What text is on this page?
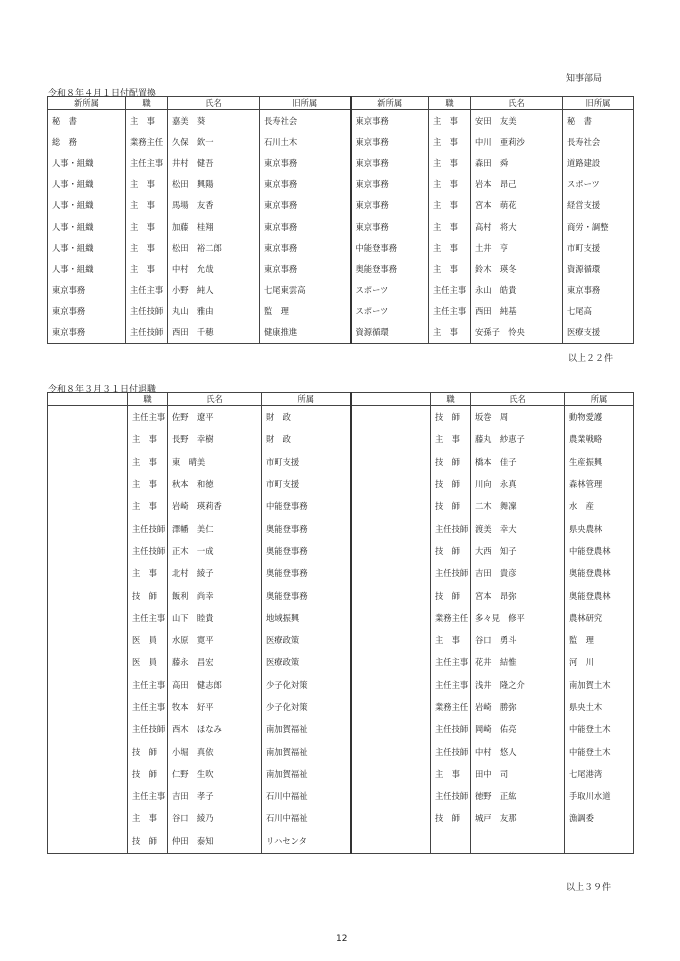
知事部局
令和８年４月１日付配置換
新所属	職	氏名	旧所属	新所属	職	氏名	旧所属
秘　書	主　事	嘉美　葵	長寿社会	東京事務	主　事	安田　友美	秘　書
総　務	業務主任	久保　欽一	石川土木	東京事務	主　事	中川　亜莉沙	長寿社会
人事・組織	主任主事	井村　健吾	東京事務	東京事務	主　事	森田　舜	道路建設
人事・組織	主　事	松田　興陽	東京事務	東京事務	主　事	岩本　昂己	スポーツ
人事・組織	主　事	馬場　友香	東京事務	東京事務	主　事	宮本　萌花	経営支援
人事・組織	主　事	加藤　桂翔	東京事務	東京事務	主　事	高村　将大	商労・調整
人事・組織	主　事	松田　裕二郎	東京事務	中能登事務	主　事	土井　亨	市町支援
人事・組織	主　事	中村　允哉	東京事務	奥能登事務	主　事	鈴木　瑛冬	資源循環
東京事務	主任主事	小野　純人	七尾東雲高	スポーツ	主任主事	永山　皓貴	東京事務
東京事務	主任技師	丸山　雅由	監　理	スポーツ	主任主事	西田　純基	七尾高
東京事務	主任技師	西田　千穂	健康推進	資源循環	主　事	安孫子　怜央	医療支援
以上２２件
令和８年３月３１日付退職
	職	氏名	所属		職	氏名	所属
	主任主事	佐野　遼平	財　政		技　師	坂巻　周	動物愛護
	主　事	長野　幸樹	財　政		主　事	藤丸　紗恵子	農業戦略
	主　事	東　晴美	市町支援		技　師	橋本　佳子	生産振興
	主　事	秋本　和徳	市町支援		技　師	川向　永真	森林管理
	主　事	岩崎　瑛莉香	中能登事務		技　師	二木　舞凜	水　産
	主任技師	澤幡　美仁	奥能登事務		主任技師	渡美　幸大	県央農林
	主任技師	正木　一成	奥能登事務		技　師	大西　知子	中能登農林
	主　事	北村　綾子	奥能登事務		主任技師	吉田　貴彦	奥能登農林
	技　師	飯利　尚幸	奥能登事務		技　師	宮本　昂弥	奥能登農林
	主任主事	山下　睦貴	地域振興		業務主任	多々見　修平	農林研究
	医　員	水原　寛平	医療政策		主　事	谷口　勇斗	監　理
	医　員	藤永　昌宏	医療政策		主任主事	花井　結惟	河　川
	主任主事	高田　健志郎	少子化対策		主任主事	浅井　隆之介	南加賀土木
	主任主事	牧本　好平	少子化対策		業務主任	岩崎　勝弥	県央土木
	主任技師	西木　ほなみ	南加賀福祉		主任技師	岡崎　佑亮	中能登土木
	技　師	小堀　真依	南加賀福祉		主任技師	中村　悠人	中能登土木
	技　師	仁野　生吹	南加賀福祉		主　事	田中　司	七尾港湾
	主任主事	吉田　孝子	石川中福祉		主任技師	徳野　正紘	手取川水道
	主　事	谷口　綾乃	石川中福祉		技　師	城戸　友那	漁調委
	技　師	仲田　泰知	リハセンタ				
以上３９件
12
